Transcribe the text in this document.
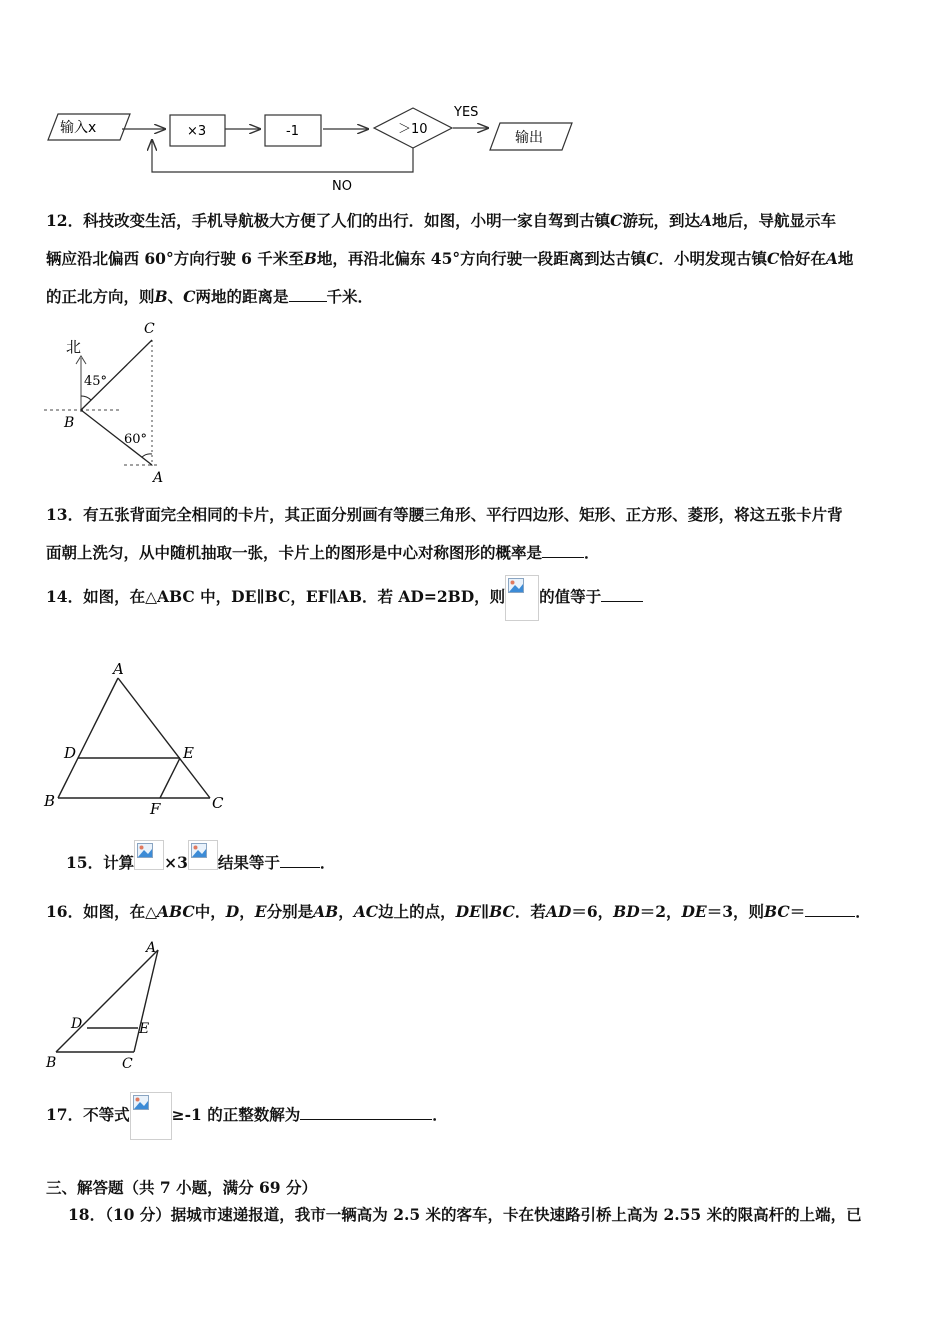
输入x	×3	-1	＞10
YES
输出
NO

12．科技改变生活，手机导航极大方便了人们的出行．如图，小明一家自驾到古镇C游玩，到达A地后，导航显示车

辆应沿北偏西 60°方向行驶 6 千米至B地，再沿北偏东 45°方向行驶一段距离到达古镇C．小明发现古镇C恰好在A地

的正北方向，则B、C两地的距离是 千米．

北
45°
60°
C
B
A

13．有五张背面完全相同的卡片，其正面分别画有等腰三角形、平行四边形、矩形、正方形、菱形，将这五张卡片背

面朝上洗匀，从中随机抽取一张，卡片上的图形是中心对称图形的概率是	．

14．如图，在△ABC 中，DE∥BC，EF∥AB．若 AD=2BD，则 的值等于

A
D	E
B	F	C

15．计算 ×3 结果等于	．

16．如图，在△ABC中，D，E分别是AB，AC边上的点，DE∥BC．若AD＝6，BD＝2，DE＝3，则BC＝	．

A
D	E
B	C

17．不等式	≥-1 的正整数解为	．

三、解答题（共 7 小题，满分 69 分）

18．（10 分）据城市速递报道，我市一辆高为 2.5 米的客车，卡在快速路引桥上高为 2.55 米的限高杆的上端，已
